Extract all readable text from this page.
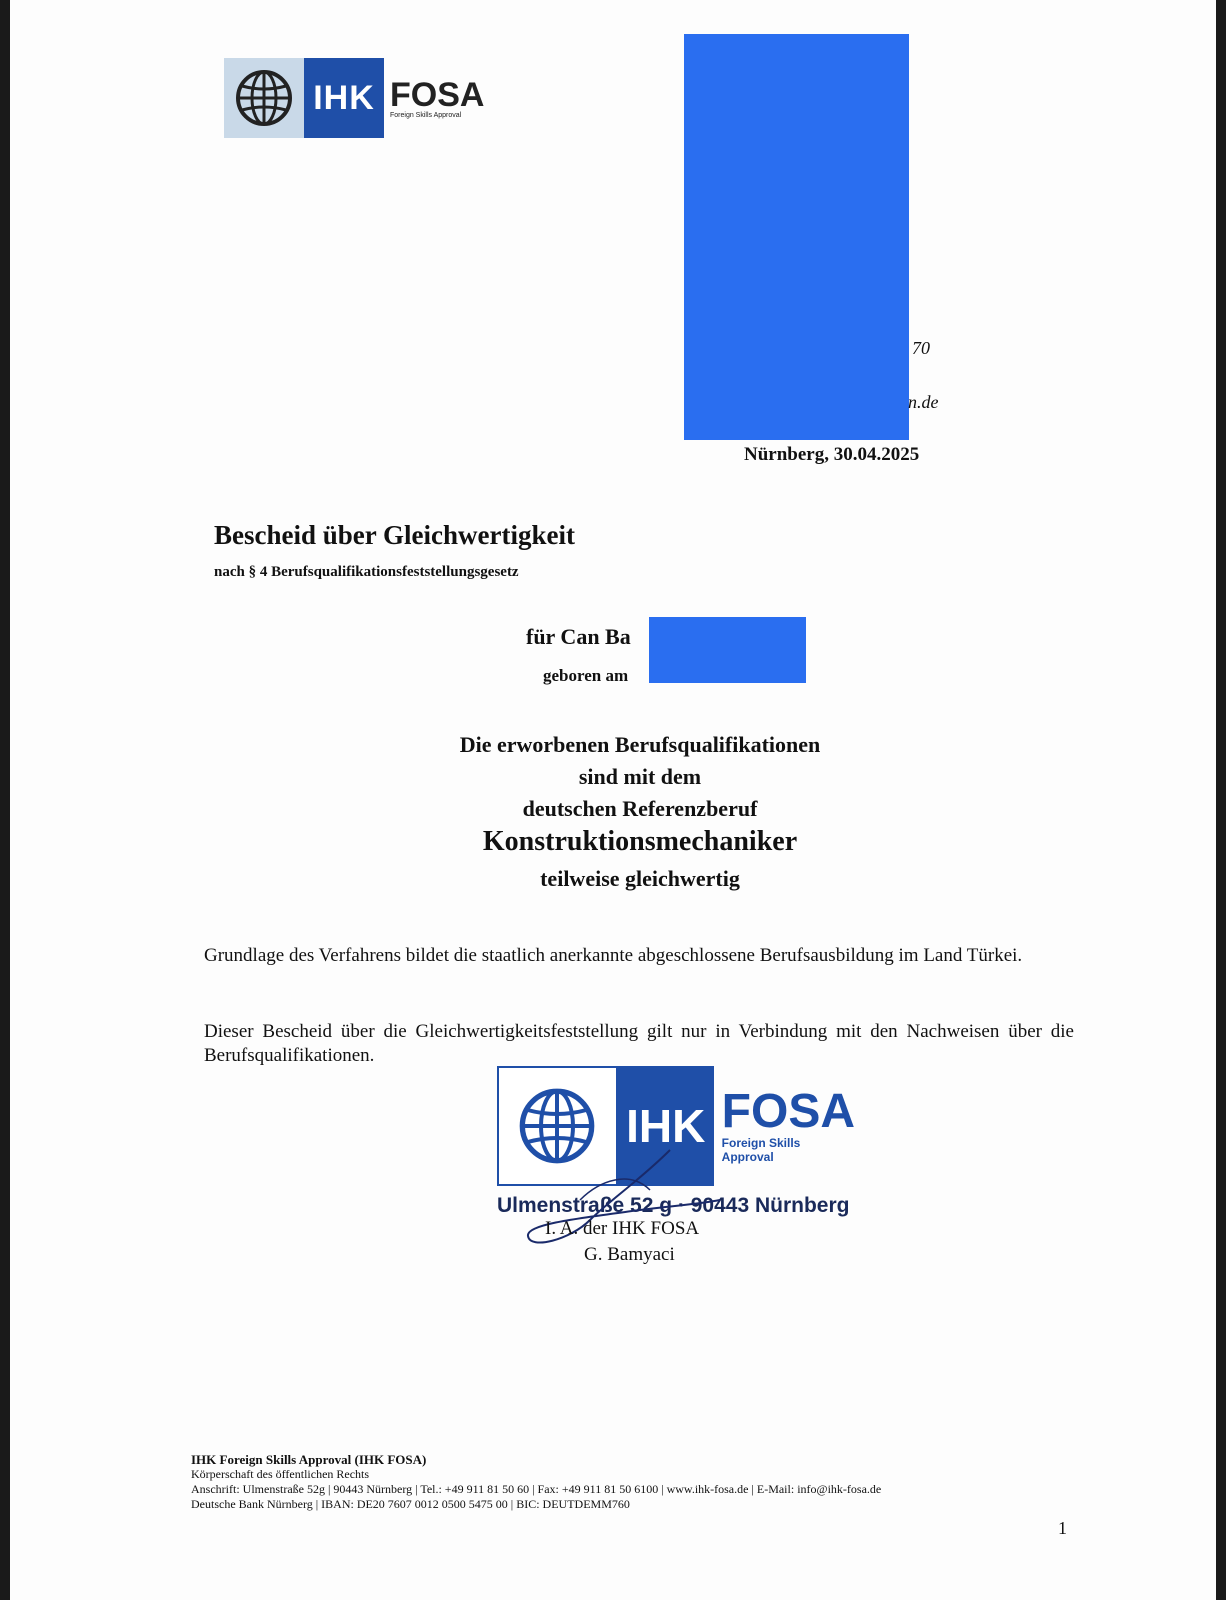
IHK FOSA
Foreign Skills Approval
70
n.de
Nürnberg, 30.04.2025
Bescheid über Gleichwertigkeit
nach § 4 Berufsqualifikationsfeststellungsgesetz
für Can Ba
geboren am
Die erworbenen Berufsqualifikationen
sind mit dem
deutschen Referenzberuf
Konstruktionsmechaniker
teilweise gleichwertig
Grundlage des Verfahrens bildet die staatlich anerkannte abgeschlossene Berufsausbildung im Land Türkei.
Dieser Bescheid über die Gleichwertigkeitsfeststellung gilt nur in Verbindung mit den Nachweisen über die Berufsqualifikationen.
IHK FOSA
Foreign Skills Approval
Ulmenstraße 52 g · 90443 Nürnberg
I. A. der IHK FOSA
G. Bamyaci
IHK Foreign Skills Approval (IHK FOSA)
Körperschaft des öffentlichen Rechts
Anschrift: Ulmenstraße 52g | 90443 Nürnberg | Tel.: +49 911 81 50 60 | Fax: +49 911 81 50 6100 | www.ihk-fosa.de | E-Mail: info@ihk-fosa.de
Deutsche Bank Nürnberg | IBAN: DE20 7607 0012 0500 5475 00 | BIC: DEUTDEMM760
1
